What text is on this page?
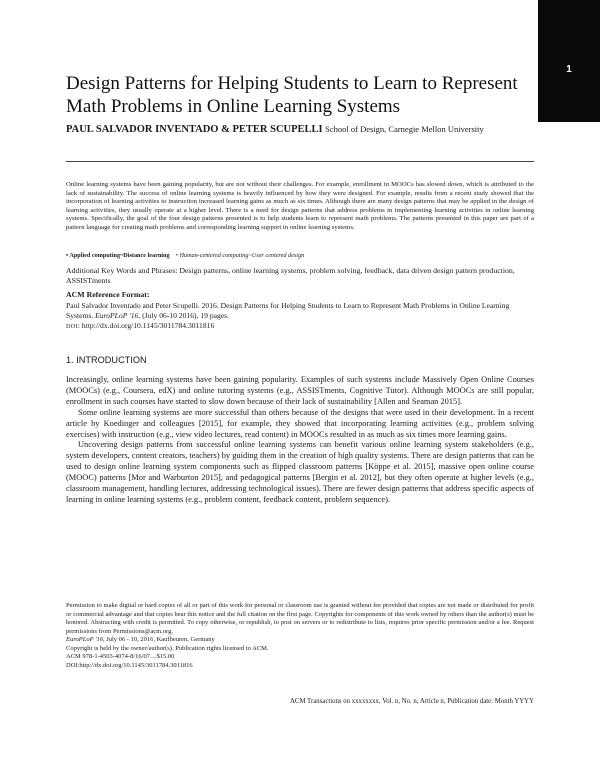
1
Design Patterns for Helping Students to Learn to Represent Math Problems in Online Learning Systems
PAUL SALVADOR INVENTADO & PETER SCUPELLI School of Design, Carnegie Mellon University
Online learning systems have been gaining popularity, but are not without their challenges. For example, enrollment in MOOCs has slowed down, which is attributed to the lack of sustainability. The success of online learning systems is heavily influenced by how they were designed. For example, results from a recent study showed that the incorporation of learning activities to instruction increased learning gains as much as six times. Although there are many design patterns that may be applied in the design of learning activities, they usually operate at a higher level. There is a need for design patterns that address problems in implementing learning activities in online learning systems. Specifically, the goal of the four design patterns presented is to help students learn to represent math problems. The patterns presented in this paper are part of a pattern language for creating math problems and corresponding learning support in online learning systems.
• Applied computing~Distance learning • Human-centered computing~User centered design
Additional Key Words and Phrases: Design patterns, online learning systems, problem solving, feedback, data driven design pattern production, ASSISTments
ACM Reference Format:
Paul Salvador Inventado and Peter Scupelli. 2016. Design Patterns for Helping Students to Learn to Represent Math Problems in Online Learning Systems. EuroPLoP '16, (July 06-10 2016), 19 pages.
DOI: http://dx.doi.org/10.1145/3011784.3011816
1. INTRODUCTION

Increasingly, online learning systems have been gaining popularity. Examples of such systems include Massively Open Online Courses (MOOCs) (e.g., Coursera, edX) and online tutoring systems (e.g., ASSISTments, Cognitive Tutor). Although MOOCs are still popular, enrollment in such courses have started to slow down because of their lack of sustainability [Allen and Seaman 2015].

Some online learning systems are more successful than others because of the designs that were used in their development. In a recent article by Koedinger and colleagues [2015], for example, they showed that incorporating learning activities (e.g., problem solving exercises) with instruction (e.g., view video lectures, read content) in MOOCs resulted in as much as six times more learning gains.

Uncovering design patterns from successful online learning systems can benefit various online learning system stakeholders (e.g., system developers, content creators, teachers) by guiding them in the creation of high quality systems. There are design patterns that can be used to design online learning system components such as flipped classroom patterns [Köppe et al. 2015], massive open online course (MOOC) patterns [Mor and Warburton 2015], and pedagogical patterns [Bergin et al. 2012], but they often operate at higher levels (e.g., classroom management, handling lectures, addressing technological issues). There are fewer design patterns that address specific aspects of learning in online learning systems (e.g., problem content, feedback content, problem sequence).

Permission to make digital or hard copies of all or part of this work for personal or classroom use is granted without fee provided that copies are not made or distributed for profit or commercial advantage and that copies bear this notice and the full citation on the first page. Copyrights for components of this work owned by others than the author(s) must be honored. Abstracting with credit is permitted. To copy otherwise, or republish, to post on servers or to redistribute to lists, requires prior specific permission and/or a fee. Request permissions from Permissions@acm.org.
EuroPLoP '16, July 06 - 10, 2016, Kaufbeuren, Germany
Copyright is held by the owner/author(s). Publication rights licensed to ACM.
ACM 978-1-4503-4074-8/16/07…$15.00
DOI:http://dx.doi.org/10.1145/3011784.3011816
ACM Transactions on xxxxxxxx, Vol. n, No. n, Article n, Publication date: Month YYYY
